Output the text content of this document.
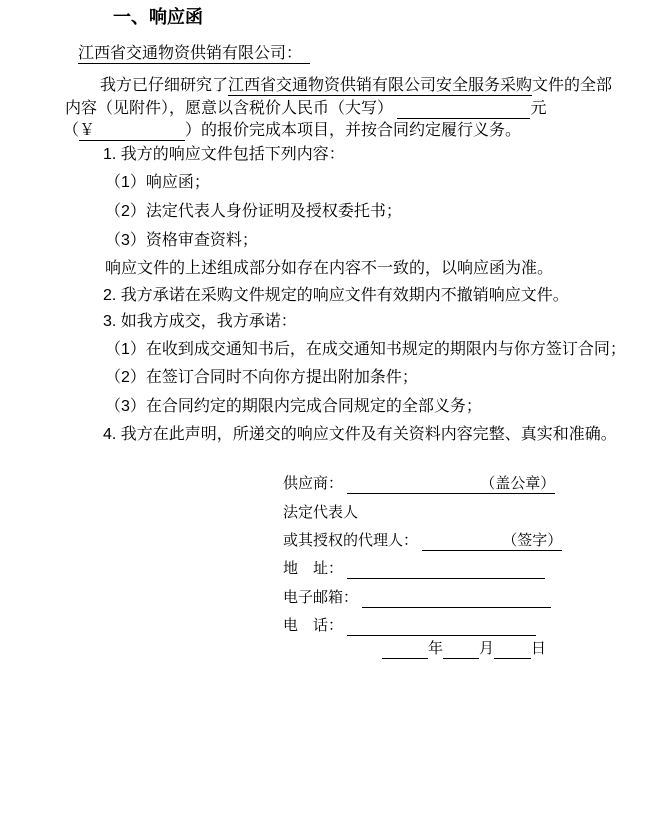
一、响应函
江西省交通物资供销有限公司：
我方已仔细研究了江西省交通物资供销有限公司安全服务采购文件的全部
内容（见附件），愿意以含税价人民币（大写）	元
（￥	）的报价完成本项目，并按合同约定履行义务。
1. 我方的响应文件包括下列内容：
（1）响应函；
（2）法定代表人身份证明及授权委托书；
（3）资格审查资料；
响应文件的上述组成部分如存在内容不一致的，以响应函为准。
2. 我方承诺在采购文件规定的响应文件有效期内不撤销响应文件。
3. 如我方成交，我方承诺：
（1）在收到成交通知书后，在成交通知书规定的期限内与你方签订合同；
（2）在签订合同时不向你方提出附加条件；
（3）在合同约定的期限内完成合同规定的全部义务；
4. 我方在此声明，所递交的响应文件及有关资料内容完整、真实和准确。
供应商：	（盖公章）
法定代表人
或其授权的代理人：	（签字）
地　址：
电子邮箱：
电　话：
年 月 日
